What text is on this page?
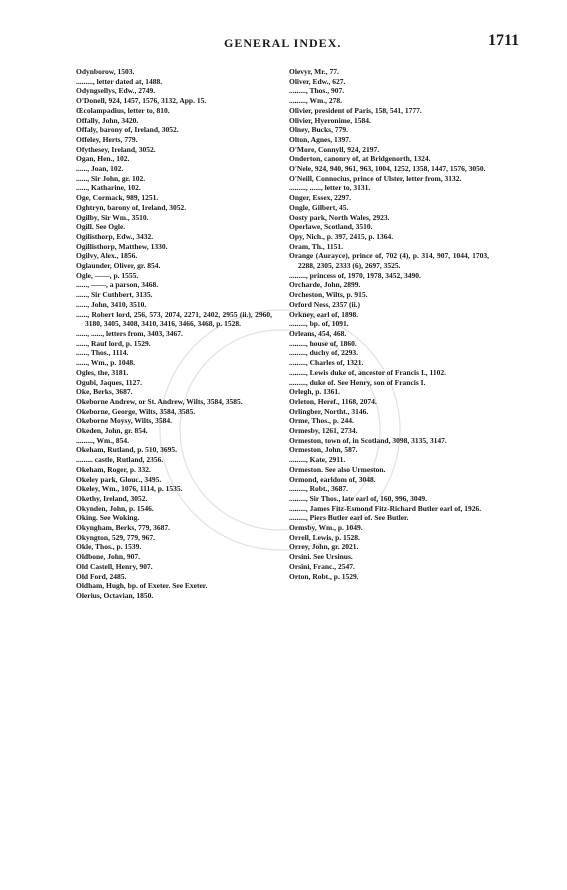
GENERAL INDEX.	1711

Odynborow, 1503.

........., letter dated at, 1488.

Odyngsellys, Edw., 2749.

O'Donell, 924, 1457, 1576, 3132, App. 15.

Œcolampadius, letter to, 810.

Offally, John, 3420.

Offaly, barony of, Ireland, 3052.

Offeley, Herts, 779.

Ofythesey, Ireland, 3052.

Ogan, Hen., 102.

......, Joan, 102.

......, Sir John, gr. 102.

......, Katharine, 102.

Oge, Cormack, 989, 1251.

Oghtryn, barony of, Ireland, 3052.

Ogilby, Sir Wm., 3510.

Ogill. See Ogle.

Ogilisthorp, Edw., 3432.

Ogillisthorp, Matthew, 1330.

Ogilvy, Alex., 1856.

Oglaunder, Oliver, gr. 854.

Ogle, ——, p. 1555.

......, ——, a parson, 3468.

......, Sir Cuthbert, 3135.

......, John, 3410, 3510.

......, Robert lord, 256, 573, 2074, 2271, 2402, 2955 (ii.), 2960, 3180, 3405, 3408, 3410, 3416, 3466, 3468, p. 1528.

......, ......, letters from, 3403, 3467.

......, Rauf lord, p. 1529.

......, Thos., 1114.

......, Wm., p. 1048.

Ogles, the, 3181.

Ogubi, Jaques, 1127.

Oke, Berks, 3687.

Okeborne Andrew, or St. Andrew, Wilts, 3584, 3585.

Okeborne, George, Wilts, 3584, 3585.

Okeborne Moysy, Wilts, 3584.

Okeden, John, gr. 854.

........., Wm., 854.

Okeham, Rutland, p. 510, 3695.

......... castle, Rutland, 2356.

Okeham, Roger, p. 332.

Okeley park, Glouc., 3495.

Okeley, Wm., 1076, 1114, p. 1535.

Okethy, Ireland, 3052.

Okynden, John, p. 1546.

Oking. See Woking.

Okyngham, Berks, 779, 3687.

Okyngton, 529, 779, 967.

Okle, Thos., p. 1539.

Oldbone, John, 907.

Old Castell, Henry, 907.

Old Ford, 2485.

Oldham, Hugh, bp. of Exeter. See Exeter.

Olerius, Octavian, 1850.

Olevyr, Mr., 77.

Oliver, Edw., 627.

........., Thos., 907.

........., Wm., 278.

Olivier, president of Paris, 158, 541, 1777.

Olivier, Hyeronime, 1584.

Olney, Bucks, 779.

Olton, Agnes, 1397.

O'More, Connyll, 924, 2197.

Onderton, canonry of, at Bridgenorth, 1324.

O'Nele, 924, 940, 961, 963, 1004, 1252, 1358, 1447, 1576, 3050.

O'Neill, Connocius, prince of Ulster, letter from, 3132.

........., ......, letter to, 3131.

Onger, Essex, 2297.

Ongle, Gilbert, 45.

Oosty park, North Wales, 2923.

Operlawe, Scotland, 3510.

Opy, Nich., p. 397, 2415, p. 1364.

Oram, Th., 1151.

Orange (Aurayce), prince of, 702 (4), p. 314, 907, 1044, 1703, 2288, 2305, 2333 (6), 2697, 3525.

........., princess of, 1970, 1978, 3452, 3490.

Orcharde, John, 2899.

Orcheston, Wilts, p. 915.

Orford Ness, 2357 (ii.)

Orkney, earl of, 1898.

........., bp. of, 1091.

Orleans, 454, 468.

........., house of, 1860.

........., duchy of, 2293.

........., Charles of, 1321.

........., Lewis duke of, ancestor of Francis I., 1102.

........., duke of. See Henry, son of Francis I.

Orlegh, p. 1361.

Orleton, Heref., 1168, 2074.

Orlingber, Northt., 3146.

Orme, Thos., p. 244.

Ormesby, 1261, 2734.

Ormeston, town of, in Scotland, 3098, 3135, 3147.

Ormeston, John, 587.

........., Kate, 2911.

Ormeston. See also Urmeston.

Ormond, earldom of, 3048.

........., Robt., 3687.

........., Sir Thos., late earl of, 160, 996, 3049.

........., James Fitz-Esmond Fitz-Richard Butler earl of, 1926.

........., Piers Butler earl of. See Butler.

Ormsby, Wm., p. 1049.

Orrell, Lewis, p. 1528.

Orrey, John, gr. 2021.

Orsini. See Ursinus.

Orsini, Franc., 2547.

Orton, Robt., p. 1529.
